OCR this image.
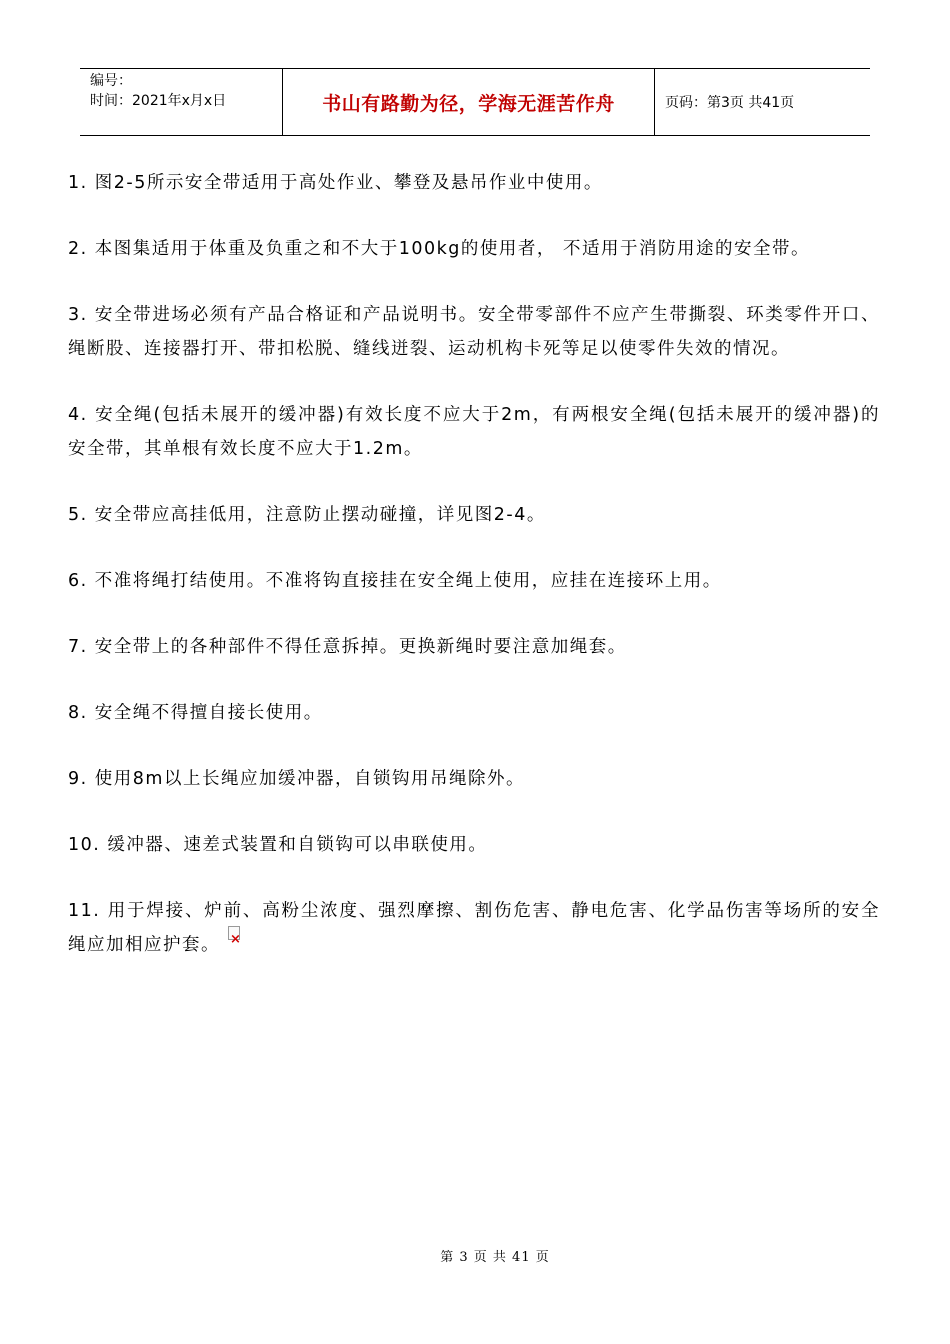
编号：
时间：2021年x月x日	书山有路勤为径，学海无涯苦作舟	页码：第3页 共41页

1. 图2-5所示安全带适用于高处作业、攀登及悬吊作业中使用。

2. 本图集适用于体重及负重之和不大于100kg的使用者， 不适用于消防用途的安全带。

3. 安全带进场必须有产品合格证和产品说明书。安全带零部件不应产生带撕裂、环类零件开口、绳断股、连接器打开、带扣松脱、缝线迸裂、运动机构卡死等足以使零件失效的情况。

4. 安全绳(包括未展开的缓冲器)有效长度不应大于2m，有两根安全绳(包括未展开的缓冲器)的安全带，其单根有效长度不应大于1.2m。

5. 安全带应高挂低用，注意防止摆动碰撞，详见图2-4。

6. 不准将绳打结使用。不准将钩直接挂在安全绳上使用，应挂在连接环上用。

7. 安全带上的各种部件不得任意拆掉。更换新绳时要注意加绳套。

8. 安全绳不得擅自接长使用。

9. 使用8m以上长绳应加缓冲器，自锁钩用吊绳除外。

10. 缓冲器、速差式装置和自锁钩可以串联使用。

11. 用于焊接、炉前、高粉尘浓度、强烈摩擦、割伤危害、静电危害、化学品伤害等场所的安全绳应加相应护套。×

第 3 页 共 41 页
